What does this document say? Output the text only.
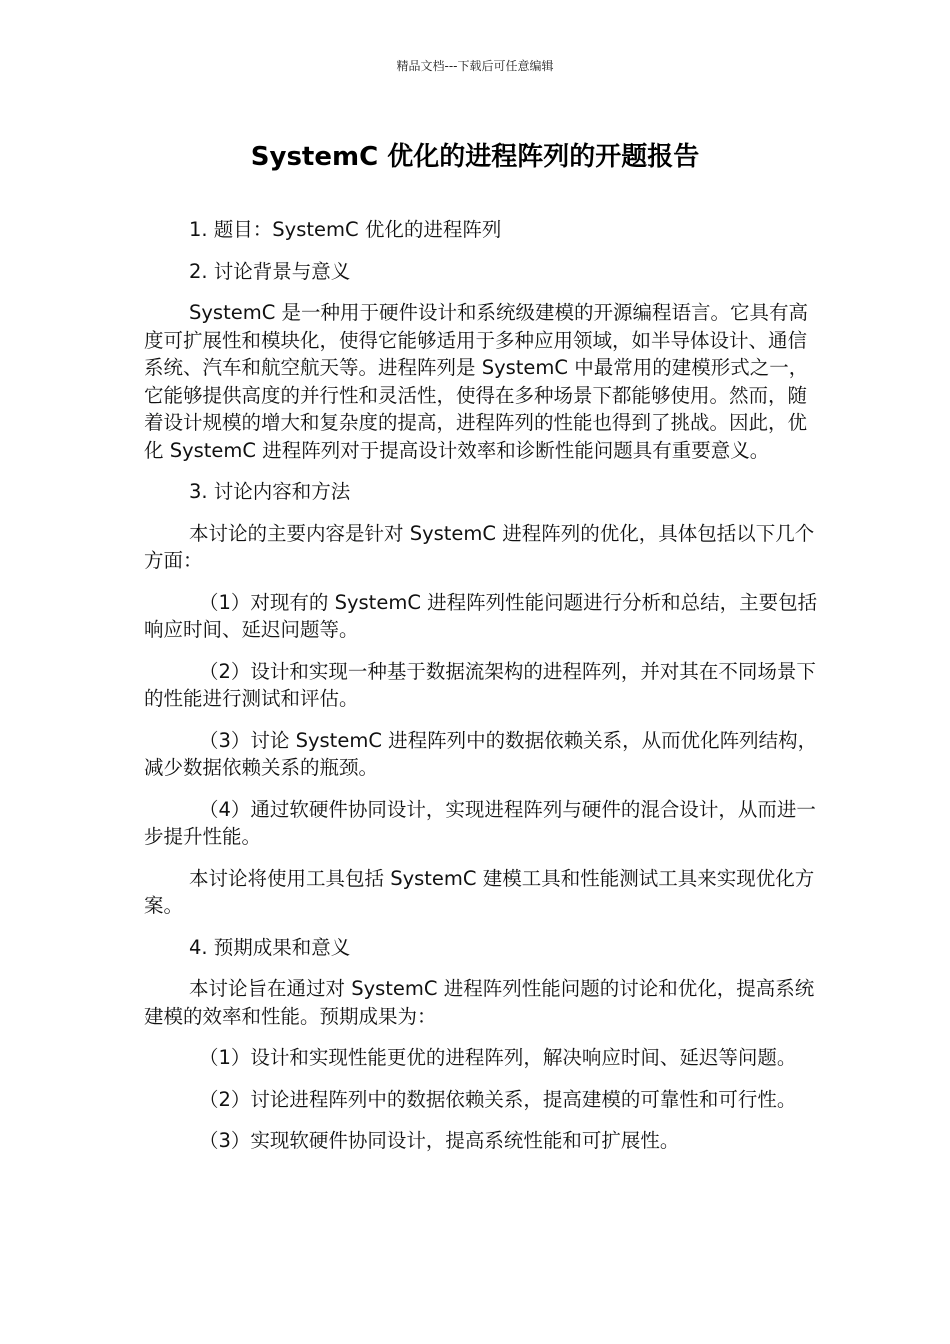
精品文档---下载后可任意编辑
SystemC 优化的进程阵列的开题报告

1. 题目：SystemC 优化的进程阵列

2. 讨论背景与意义

SystemC 是一种用于硬件设计和系统级建模的开源编程语言。它具有高度可扩展性和模块化，使得它能够适用于多种应用领域，如半导体设计、通信系统、汽车和航空航天等。进程阵列是 SystemC 中最常用的建模形式之一，它能够提供高度的并行性和灵活性，使得在多种场景下都能够使用。然而，随着设计规模的增大和复杂度的提高，进程阵列的性能也得到了挑战。因此，优化 SystemC 进程阵列对于提高设计效率和诊断性能问题具有重要意义。

3. 讨论内容和方法

本讨论的主要内容是针对 SystemC 进程阵列的优化，具体包括以下几个方面：

（1）对现有的 SystemC 进程阵列性能问题进行分析和总结，主要包括响应时间、延迟问题等。

（2）设计和实现一种基于数据流架构的进程阵列，并对其在不同场景下的性能进行测试和评估。

（3）讨论 SystemC 进程阵列中的数据依赖关系，从而优化阵列结构，减少数据依赖关系的瓶颈。

（4）通过软硬件协同设计，实现进程阵列与硬件的混合设计，从而进一步提升性能。

本讨论将使用工具包括 SystemC 建模工具和性能测试工具来实现优化方案。

4. 预期成果和意义

本讨论旨在通过对 SystemC 进程阵列性能问题的讨论和优化，提高系统建模的效率和性能。预期成果为：

（1）设计和实现性能更优的进程阵列，解决响应时间、延迟等问题。

（2）讨论进程阵列中的数据依赖关系，提高建模的可靠性和可行性。

（3）实现软硬件协同设计，提高系统性能和可扩展性。
